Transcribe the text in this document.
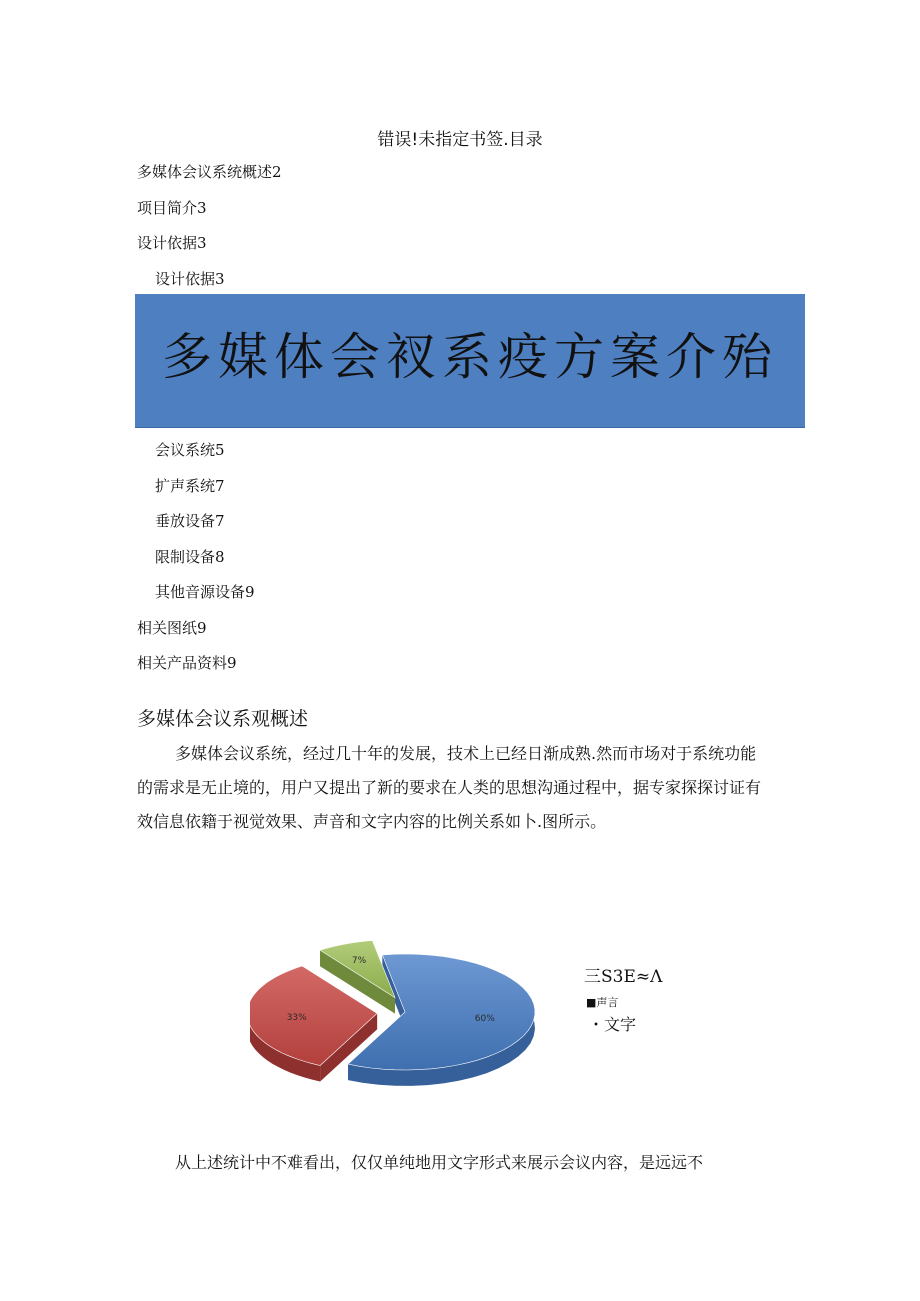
错误!未指定书签.目录
多媒体会议系统概述2
项目简介3
设计依据3
设计依据3
多媒体会衩系疫方案介殆
会议系统5
扩声系统7
垂放设备7
限制设备8
其他音源设备9
相关图纸9
相关产品资料9
多媒体会议系观概述
多媒体会议系统，经过几十年的发展，技术上已经日渐成熟.然而市场对于系统功能
的需求是无止境的，用户又提出了新的要求在人类的思想沟通过程中，据专家探探讨证有
效信息依籍于视觉效果、声音和文字内容的比例关系如卜.图所示。
60%
33%
7%
三S3E≈Λ
■声言
・文字
从上述统计中不难看出，仅仅单纯地用文字形式来展示会议内容，是远远不
